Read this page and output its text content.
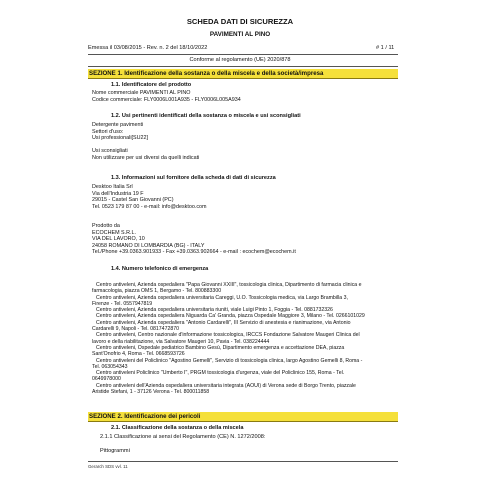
SCHEDA DATI DI SICUREZZA
PAVIMENTI AL PINO
Emessa il 03/08/2015 - Rev. n. 2 del 18/10/2022	# 1 / 11
Conforme al regolamento (UE) 2020/878
SEZIONE 1. Identificazione della sostanza o della miscela e della società/impresa
1.1. Identificatore del prodotto
Nome commerciale PAVIMENTI AL PINO
Codice commerciale: FLY0006L001A935 - FLY0006L005A934
1.2. Usi pertinenti identificati della sostanza o miscela e usi sconsigliati
Detergente pavimenti
Settori d'uso:
Usi professionali[SU22]
Usi sconsigliati
Non utilizzare per usi diversi da quelli indicati
1.3. Informazioni sul fornitore della scheda di dati di sicurezza
Desktoo Italia Srl
Via dell'Industria 19 F
29015 - Castel San Giovanni (PC)
Tel. 0523 179 87 00 - e-mail: info@desktoo.com
Prodotto da
ECOCHEM S.R.L.
VIA DEL LAVORO, 10
24058 ROMANO DI LOMBARDIA (BG) - ITALY
Tel./Phone +39.0363.901933 - Fax +39.0363.902664 - e-mail : ecochem@ecochem.it
1.4. Numero telefonico di emergenza
Centro antiveleni, Azienda ospedaliera "Papa Giovanni XXIII", tossicologia clinica, Dipartimento di farmacia clinica e
farmacologia, piazza OMS 1, Bergamo - Tel. 800883300
Centro antiveleni, Azienda ospedaliera universitaria Careggi, U.O. Tossicologia medica, via Largo Brambilla 3,
Firenze - Tel. 0557947819
Centro antiveleni, Azienda ospedaliera universitaria riuniti, viale Luigi Pinto 1, Foggia - Tel. 0881732326
Centro antiveleni, Azienda ospedaliera Niguarda Ca' Granda, piazza Ospedale Maggiore 3, Milano - Tel. 0266101029
Centro antiveleni, Azienda ospedaliera "Antonio Cardarelli", III Servizio di anestesia e rianimazione, via Antonio
Cardarelli 9, Napoli - Tel. 0817472870
Centro antiveleni, Centro nazionale d'informazione tossicologica, IRCCS Fondazione Salvatore Maugeri Clinica del
lavoro e della riabilitazione, via Salvatore Maugeri 10, Pavia - Tel. 038224444
Centro antiveleni, Ospedale pediatrico Bambino Gesù, Dipartimento emergenza e accettazione DEA, piazza
Sant'Onofrio 4, Roma - Tel. 0668593726
Centro antiveleni del Policlinico "Agostino Gemelli", Servizio di tossicologia clinica, largo Agostino Gemelli 8, Roma -
Tel. 063054343
Centro antiveleni Policlinico "Umberto I", PRGM tossicologia d'urgenza, viale del Policlinico 155, Roma - Tel.
0649978000
Centro antiveleni dell'Azienda ospedaliera universitaria integrata (AOUI) di Verona sede di Borgo Trento, piazzale
Aristide Stefani, 1 - 37126 Verona - Tel. 800011858
SEZIONE 2. Identificazione dei pericoli
2.1. Classificazione della sostanza o della miscela
2.1.1 Classificazione ai sensi del Regolamento (CE) N. 1272/2008:
Pittogrammi
Gerarch SDS vvl. 11
